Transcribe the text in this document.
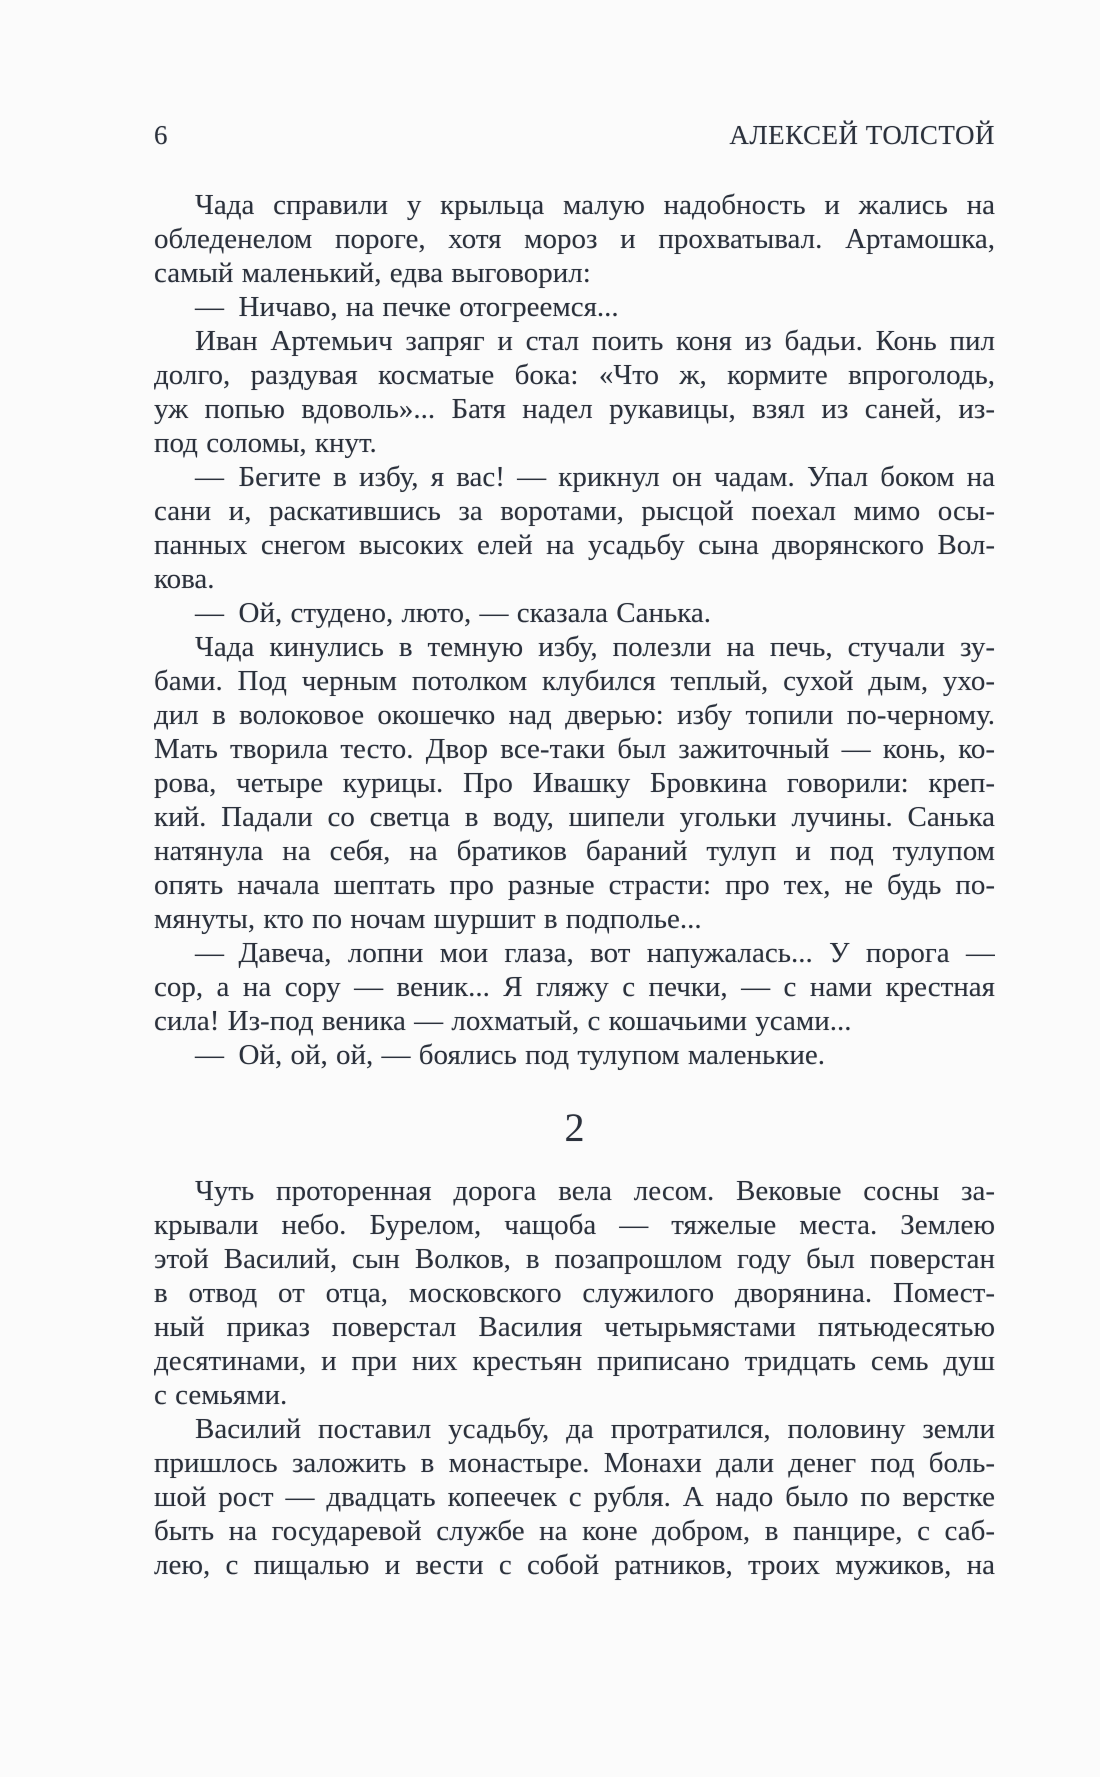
6	АЛЕКСЕЙ ТОЛСТОЙ
Чада справили у крыльца малую надобность и жались на
обледенелом пороге, хотя мороз и прохватывал. Артамошка,
самый маленький, едва выговорил:
— Ничаво, на печке отогреемся...
Иван Артемьич запряг и стал поить коня из бадьи. Конь пил
долго, раздувая косматые бока: «Что ж, кормите впроголодь,
уж попью вдоволь»... Батя надел рукавицы, взял из саней, из-
под соломы, кнут.
— Бегите в избу, я вас! — крикнул он чадам. Упал боком на
сани и, раскатившись за воротами, рысцой поехал мимо осы-
панных снегом высоких елей на усадьбу сына дворянского Вол-
кова.
— Ой, студено, люто, — сказала Санька.
Чада кинулись в темную избу, полезли на печь, стучали зу-
бами. Под черным потолком клубился теплый, сухой дым, ухо-
дил в волоковое окошечко над дверью: избу топили по-черному.
Мать творила тесто. Двор все-таки был зажиточный — конь, ко-
рова, четыре курицы. Про Ивашку Бровкина говорили: креп-
кий. Падали со светца в воду, шипели угольки лучины. Санька
натянула на себя, на братиков бараний тулуп и под тулупом
опять начала шептать про разные страсти: про тех, не будь по-
мянуты, кто по ночам шуршит в подполье...
— Давеча, лопни мои глаза, вот напужалась... У порога —
сор, а на сору — веник... Я гляжу с печки, — с нами крестная
сила! Из-под веника — лохматый, с кошачьими усами...
— Ой, ой, ой, — боялись под тулупом маленькие.
2
Чуть проторенная дорога вела лесом. Вековые сосны за-
крывали небо. Бурелом, чащоба — тяжелые места. Землею
этой Василий, сын Волков, в позапрошлом году был поверстан
в отвод от отца, московского служилого дворянина. Помест-
ный приказ поверстал Василия четырьмястами пятьюдесятью
десятинами, и при них крестьян приписано тридцать семь душ
с семьями.
Василий поставил усадьбу, да протратился, половину земли
пришлось заложить в монастыре. Монахи дали денег под боль-
шой рост — двадцать копеечек с рубля. А надо было по верстке
быть на государевой службе на коне добром, в панцире, с саб-
лею, с пищалью и вести с собой ратников, троих мужиков, на
